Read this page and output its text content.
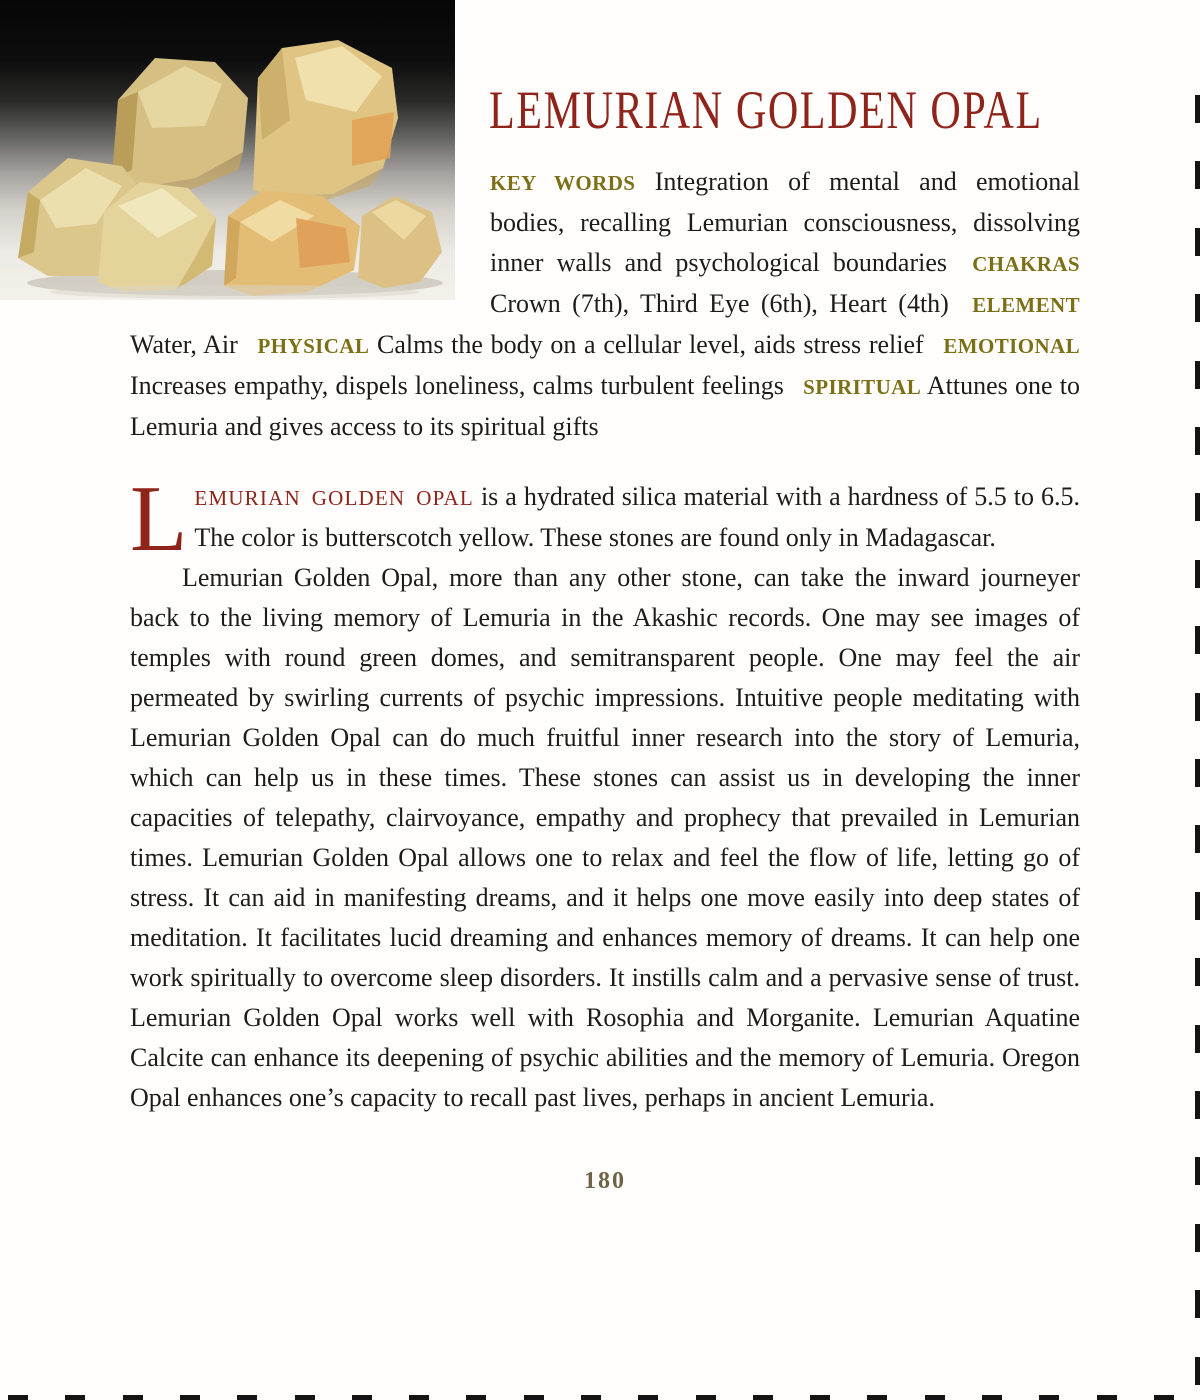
LEMURIAN GOLDEN OPAL

KEY WORDS Integration of mental and emotional bodies, recalling Lemurian consciousness, dissolving inner walls and psychological boundaries CHAKRAS Crown (7th), Third Eye (6th), Heart (4th) ELEMENT Water, Air PHYSICAL Calms the body on a cellular level, aids stress relief EMOTIONAL Increases empathy, dispels loneliness, calms turbulent feelings SPIRITUAL Attunes one to Lemuria and gives access to its spiritual gifts

LEMURIAN GOLDEN OPAL is a hydrated silica material with a hardness of 5.5 to 6.5. The color is butterscotch yellow. These stones are found only in Madagascar.

Lemurian Golden Opal, more than any other stone, can take the inward journeyer back to the living memory of Lemuria in the Akashic records. One may see images of temples with round green domes, and semitransparent people. One may feel the air permeated by swirling currents of psychic impressions. Intuitive people meditating with Lemurian Golden Opal can do much fruitful inner research into the story of Lemuria, which can help us in these times. These stones can assist us in developing the inner capacities of telepathy, clairvoyance, empathy and prophecy that prevailed in Lemurian times. Lemurian Golden Opal allows one to relax and feel the flow of life, letting go of stress. It can aid in manifesting dreams, and it helps one move easily into deep states of meditation. It facilitates lucid dreaming and enhances memory of dreams. It can help one work spiritually to overcome sleep disorders. It instills calm and a pervasive sense of trust. Lemurian Golden Opal works well with Rosophia and Morganite. Lemurian Aquatine Calcite can enhance its deepening of psychic abilities and the memory of Lemuria. Oregon Opal enhances one’s capacity to recall past lives, perhaps in ancient Lemuria.

180
